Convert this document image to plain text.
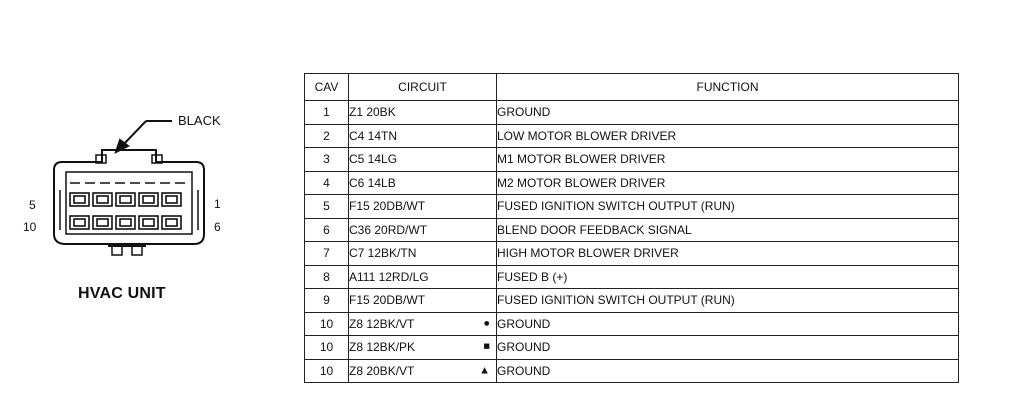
BLACK
5
10
1
6
HVAC UNIT
CAV	CIRCUIT	FUNCTION
1	Z1 20BK	GROUND
2	C4 14TN	LOW MOTOR BLOWER DRIVER
3	C5 14LG	M1 MOTOR BLOWER DRIVER
4	C6 14LB	M2 MOTOR BLOWER DRIVER
5	F15 20DB/WT	FUSED IGNITION SWITCH OUTPUT (RUN)
6	C36 20RD/WT	BLEND DOOR FEEDBACK SIGNAL
7	C7 12BK/TN	HIGH MOTOR BLOWER DRIVER
8	A111 12RD/LG	FUSED B (+)
9	F15 20DB/WT	FUSED IGNITION SWITCH OUTPUT (RUN)
10	Z8 12BK/VT ●	GROUND
10	Z8 12BK/PK ■	GROUND
10	Z8 20BK/VT ▲	GROUND
